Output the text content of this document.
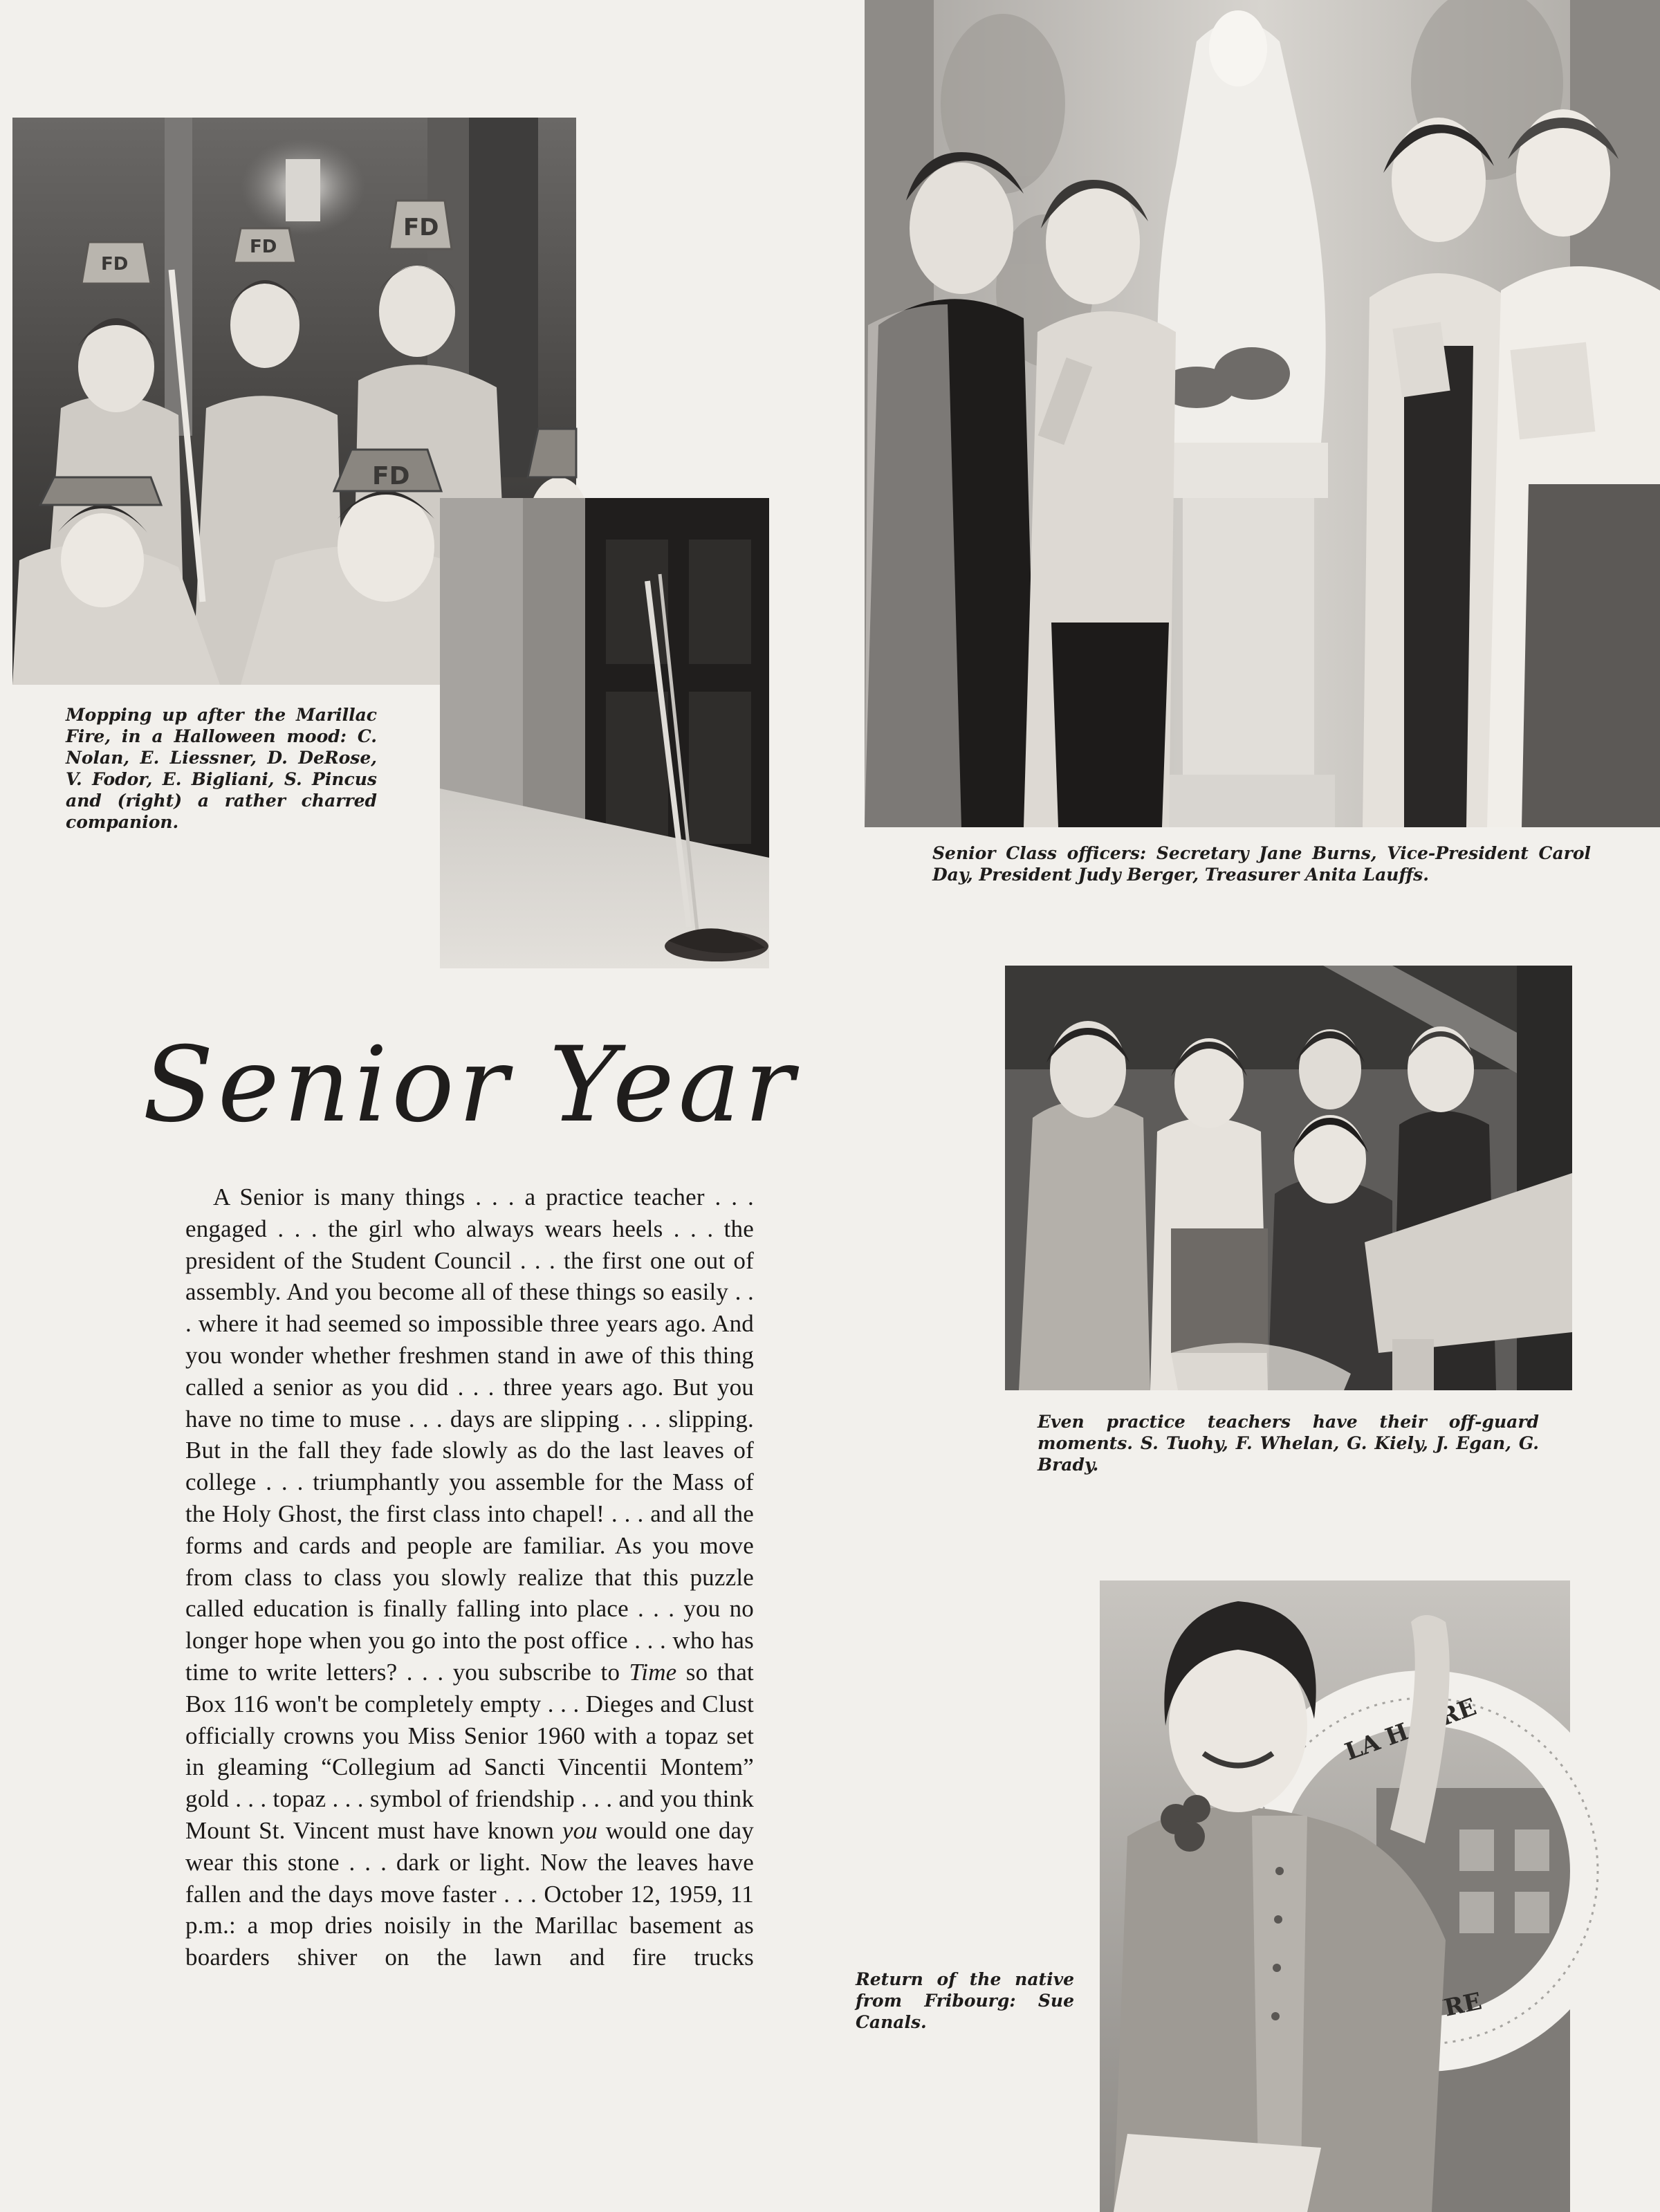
FD
FD
FD
FD

Mopping up after the Marillac Fire, in a Halloween mood: C. Nolan, E. Liessner, D. DeRose, V. Fodor, E. Bigliani, S. Pincus and (right) a rather charred companion.

Senior Class officers: Secretary Jane Burns, Vice-President Carol Day, President Judy Berger, Treasurer Anita Lauffs.

Senior Year

A Senior is many things . . . a practice teacher . . . engaged . . . the girl who always wears heels . . . the president of the Student Council . . . the first one out of assembly. And you become all of these things so easily . . . where it had seemed so impossible three years ago. And you wonder whether freshmen stand in awe of this thing called a senior as you did . . . three years ago. But you have no time to muse . . . days are slipping . . . slipping. But in the fall they fade slowly as do the last leaves of college . . . triumphantly you assemble for the Mass of the Holy Ghost, the first class into chapel! . . . and all the forms and cards and people are familiar. As you move from class to class you slowly realize that this puzzle called education is finally falling into place . . . you no longer hope when you go into the post office . . . who has time to write letters? . . . you subscribe to Time so that Box 116 won't be completely empty . . . Dieges and Clust officially crowns you Miss Senior 1960 with a topaz set in gleaming “Collegium ad Sancti Vincentii Montem” gold . . . topaz . . . symbol of friendship . . . and you think Mount St. Vincent must have known you would one day wear this stone . . . dark or light. Now the leaves have fallen and the days move faster . . . October 12, 1959, 11 p.m.: a mop dries noisily in the Marillac basement as boarders shiver on the lawn and fire trucks

Even practice teachers have their off-guard moments. S. Tuohy, F. Whelan, G. Kiely, J. Egan, G. Brady.

LA

Return of the native from Fribourg: Sue Canals.
